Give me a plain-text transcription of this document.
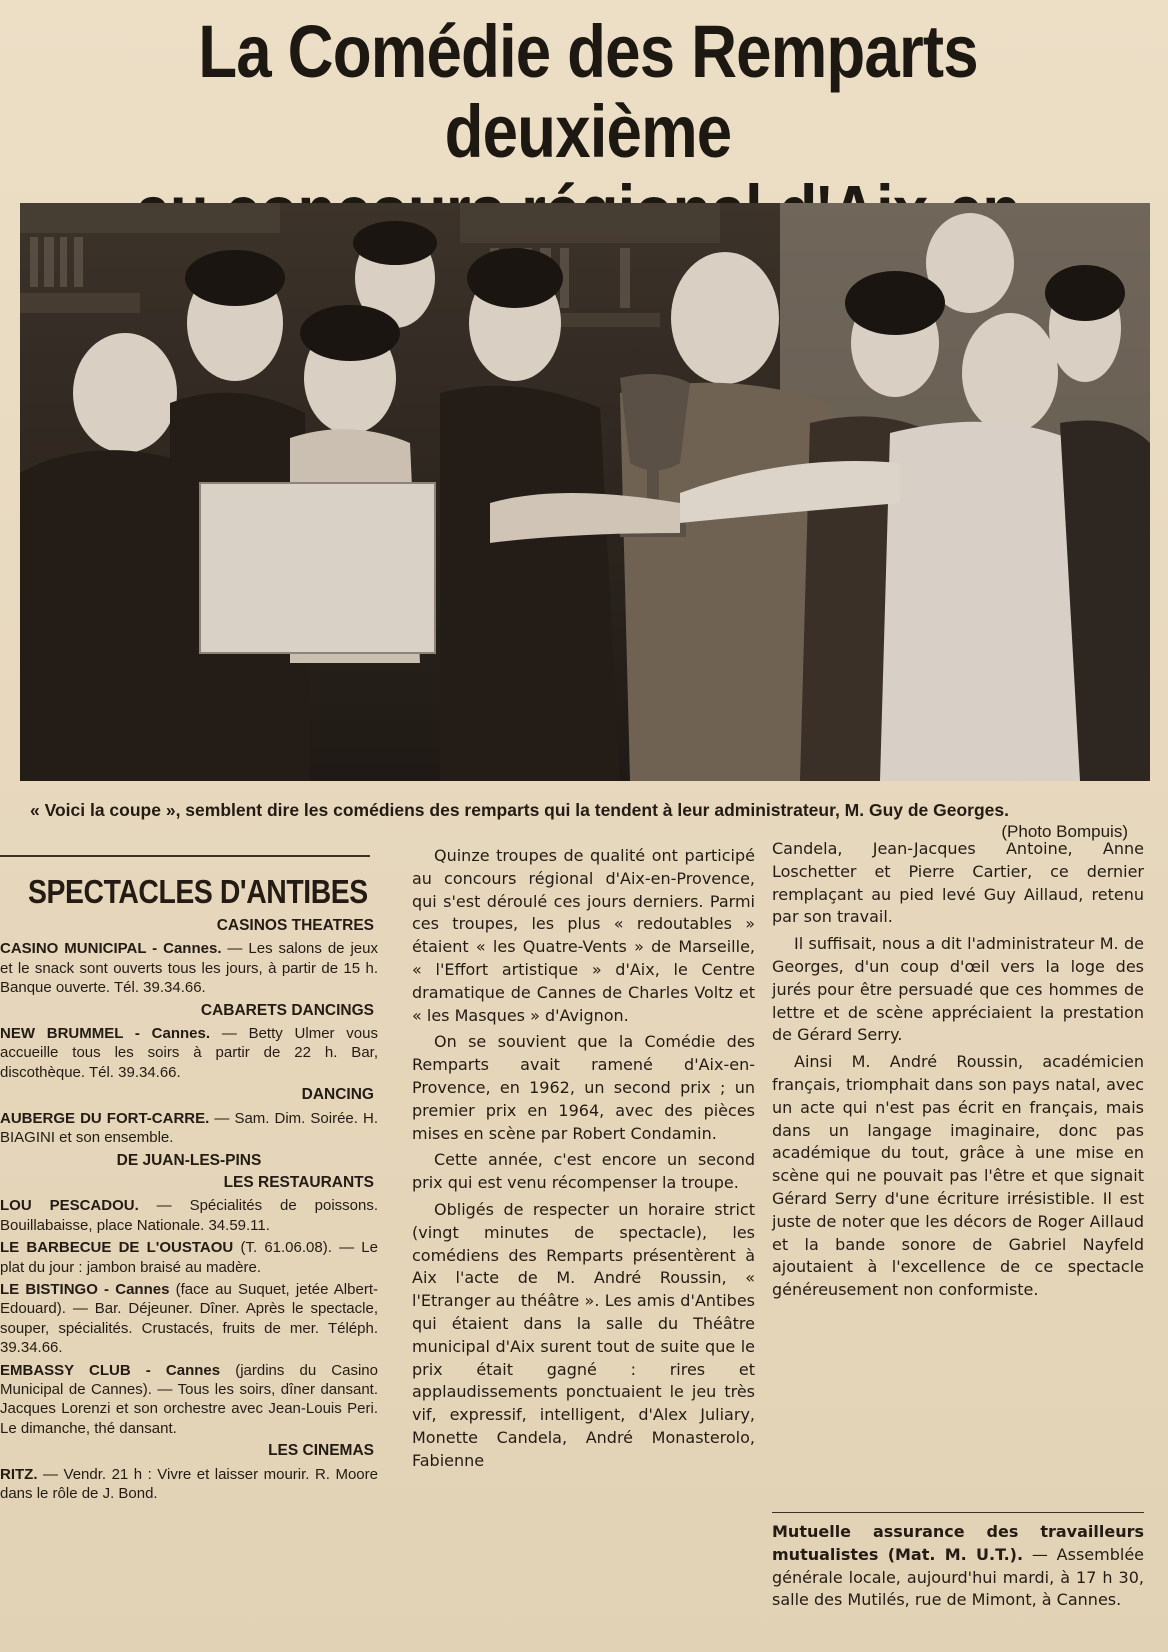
La Comédie des Remparts deuxième

« Voici la coupe », semblent dire les comédiens des remparts qui la tendent à leur administrateur, M. Guy de Georges.
(Photo Bompuis)
SPECTACLES D'ANTIBES
CASINOS THEATRES
CASINO MUNICIPAL - Cannes. — Les salons de jeux et le snack sont ouverts tous les jours, à partir de 15 h. Banque ouverte. Tél. 39.34.66.
CABARETS DANCINGS
NEW BRUMMEL - Cannes. — Betty Ulmer vous accueille tous les soirs à partir de 22 h. Bar, discothèque. Tél. 39.34.66.
DANCING
AUBERGE DU FORT-CARRE. — Sam. Dim. Soirée. H. BIAGINI et son ensemble.
DE JUAN-LES-PINS
LES RESTAURANTS
LOU PESCADOU. — Spécialités de poissons. Bouillabaisse, place Nationale. 34.59.11.
LE BARBECUE DE L'OUSTAOU (T. 61.06.08). — Le plat du jour : jambon braisé au madère.
LE BISTINGO - Cannes (face au Suquet, jetée Albert-Edouard). — Bar. Déjeuner. Dîner. Après le spectacle, souper, spécialités. Crustacés, fruits de mer. Téléph. 39.34.66.
EMBASSY CLUB - Cannes (jardins du Casino Municipal de Cannes). — Tous les soirs, dîner dansant. Jacques Lorenzi et son orchestre avec Jean-Louis Peri. Le dimanche, thé dansant.
LES CINEMAS
RITZ. — Vendr. 21 h : Vivre et laisser mourir. R. Moore dans le rôle de J. Bond.

Quinze troupes de qualité ont participé au concours régional d'Aix-en-Provence, qui s'est déroulé ces jours derniers. Parmi ces troupes, les plus « redoutables » étaient « les Quatre-Vents » de Marseille, « l'Effort artistique » d'Aix, le Centre dramatique de Cannes de Charles Voltz et « les Masques » d'Avignon.

On se souvient que la Comédie des Remparts avait ramené d'Aix-en-Provence, en 1962, un second prix ; un premier prix en 1964, avec des pièces mises en scène par Robert Condamin.

Cette année, c'est encore un second prix qui est venu récompenser la troupe.

Obligés de respecter un horaire strict (vingt minutes de spectacle), les comédiens des Remparts présentèrent à Aix l'acte de M. André Roussin, « l'Etranger au théâtre ». Les amis d'Antibes qui étaient dans la salle du Théâtre municipal d'Aix surent tout de suite que le prix était gagné : rires et applaudissements ponctuaient le jeu très vif, expressif, intelligent, d'Alex Juliary, Monette Candela, André Monasterolo, Fabienne

Candela, Jean-Jacques Antoine, Anne Loschetter et Pierre Cartier, ce dernier remplaçant au pied levé Guy Aillaud, retenu par son travail.

Il suffisait, nous a dit l'administrateur M. de Georges, d'un coup d'œil vers la loge des jurés pour être persuadé que ces hommes de lettre et de scène appréciaient la prestation de Gérard Serry.

Ainsi M. André Roussin, académicien français, triomphait dans son pays natal, avec un acte qui n'est pas écrit en français, mais dans un langage imaginaire, donc pas académique du tout, grâce à une mise en scène qui ne pouvait pas l'être et que signait Gérard Serry d'une écriture irrésistible. Il est juste de noter que les décors de Roger Aillaud et la bande sonore de Gabriel Nayfeld ajoutaient à l'excellence de ce spectacle généreusement non conformiste.

Mutuelle assurance des travailleurs mutualistes (Mat. M. U.T.). — Assemblée générale locale, aujourd'hui mardi, à 17 h 30, salle des Mutilés, rue de Mimont, à Cannes.
